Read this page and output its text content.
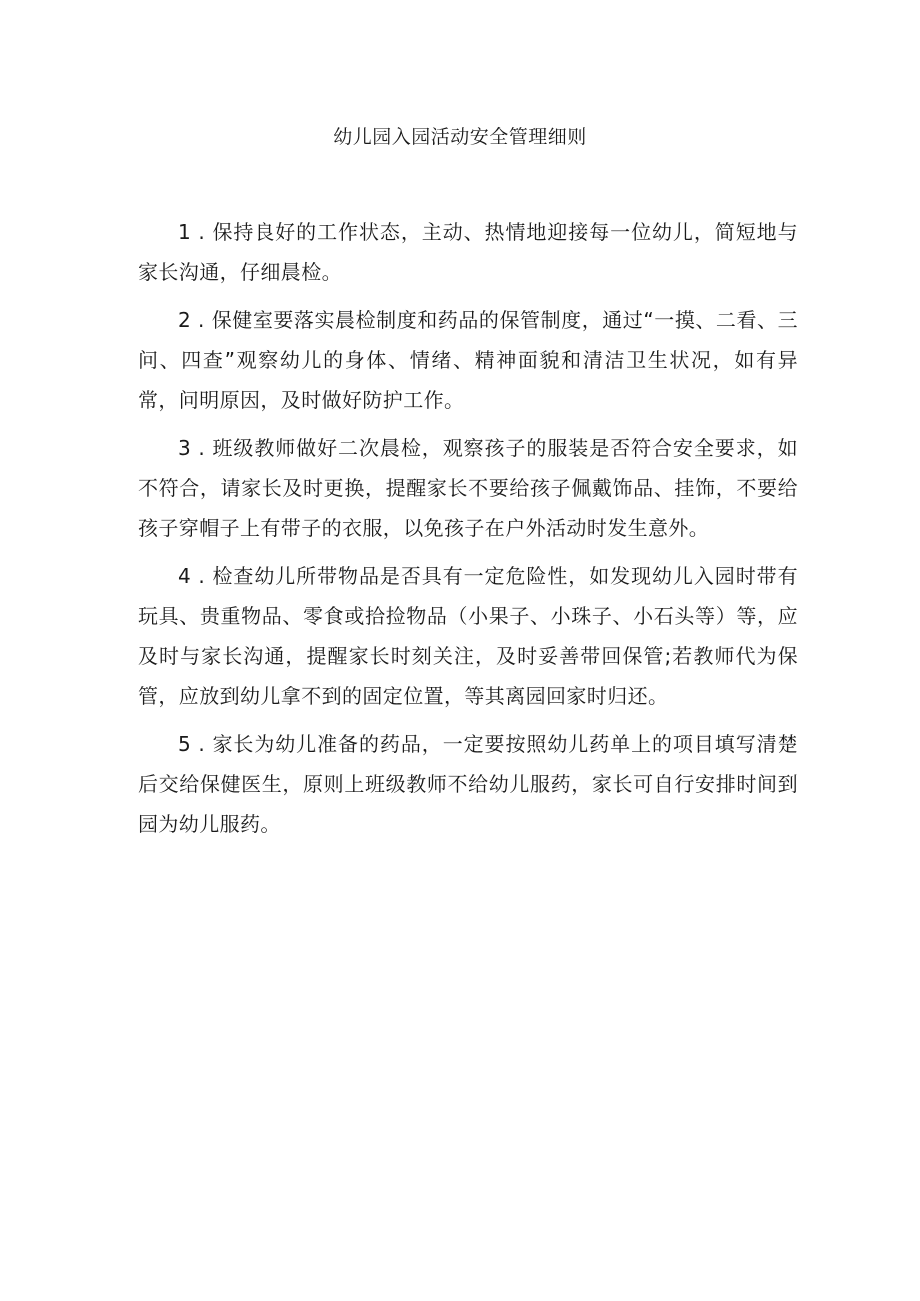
幼儿园入园活动安全管理细则

1 . 保持良好的工作状态，主动、热情地迎接每一位幼儿，简短地与家长沟通，仔细晨检。

2 . 保健室要落实晨检制度和药品的保管制度，通过“一摸、二看、三问、四查”观察幼儿的身体、情绪、精神面貌和清洁卫生状况，如有异常，问明原因，及时做好防护工作。

3 . 班级教师做好二次晨检，观察孩子的服装是否符合安全要求，如不符合，请家长及时更换，提醒家长不要给孩子佩戴饰品、挂饰，不要给孩子穿帽子上有带子的衣服，以免孩子在户外活动时发生意外。

4 . 检查幼儿所带物品是否具有一定危险性，如发现幼儿入园时带有玩具、贵重物品、零食或拾捡物品（小果子、小珠子、小石头等）等，应及时与家长沟通，提醒家长时刻关注，及时妥善带回保管;若教师代为保管，应放到幼儿拿不到的固定位置，等其离园回家时归还。

5 . 家长为幼儿准备的药品，一定要按照幼儿药单上的项目填写清楚后交给保健医生，原则上班级教师不给幼儿服药，家长可自行安排时间到园为幼儿服药。
